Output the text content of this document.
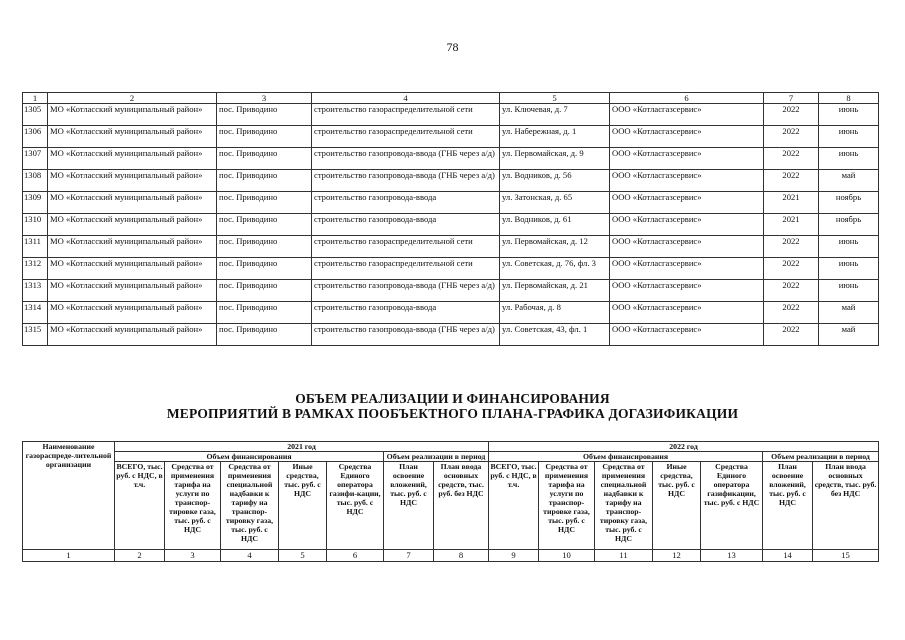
78
1	2	3	4	5	6	7	8
1305	МО «Котласский муниципальный район»	пос. Приводино	строительство газораспределительной сети	ул. Ключевая, д. 7	ООО «Котласгазсервис»	2022	июнь
1306	МО «Котласский муниципальный район»	пос. Приводино	строительство газораспределительной сети	ул. Набережная, д. 1	ООО «Котласгазсервис»	2022	июнь
1307	МО «Котласский муниципальный район»	пос. Приводино	строительство газопровода-ввода (ГНБ через а/д)	ул. Первомайская, д. 9	ООО «Котласгазсервис»	2022	июнь
1308	МО «Котласский муниципальный район»	пос. Приводино	строительство газопровода-ввода (ГНБ через а/д)	ул. Водников, д. 56	ООО «Котласгазсервис»	2022	май
1309	МО «Котласский муниципальный район»	пос. Приводино	строительство газопровода-ввода	ул. Затонская, д. 65	ООО «Котласгазсервис»	2021	ноябрь
1310	МО «Котласский муниципальный район»	пос. Приводино	строительство газопровода-ввода	ул. Водников, д. 61	ООО «Котласгазсервис»	2021	ноябрь
1311	МО «Котласский муниципальный район»	пос. Приводино	строительство газораспределительной сети	ул. Первомайская, д. 12	ООО «Котласгазсервис»	2022	июнь
1312	МО «Котласский муниципальный район»	пос. Приводино	строительство газораспределительной сети	ул. Советская, д. 76, фл. 3	ООО «Котласгазсервис»	2022	июнь
1313	МО «Котласский муниципальный район»	пос. Приводино	строительство газопровода-ввода (ГНБ через а/д)	ул. Первомайская, д. 21	ООО «Котласгазсервис»	2022	июнь
1314	МО «Котласский муниципальный район»	пос. Приводино	строительство газопровода-ввода	ул. Рабочая, д. 8	ООО «Котласгазсервис»	2022	май
1315	МО «Котласский муниципальный район»	пос. Приводино	строительство газопровода-ввода (ГНБ через а/д)	ул. Советская, 43, фл. 1	ООО «Котласгазсервис»	2022	май
ОБЪЕМ РЕАЛИЗАЦИИ И ФИНАНСИРОВАНИЯ
МЕРОПРИЯТИЙ В РАМКАХ ПООБЪЕКТНОГО ПЛАНА-ГРАФИКА ДОГАЗИФИКАЦИИ
Наименование газораспреде-лительной организации	2021 год							2022 год						
	Объем финансирования					Объем реализации в период		Объем финансирования					Объем реализации в период	
	ВСЕГО, тыс. руб. с НДС, в т.ч.	Средства от применения тарифа на услуги по транспор-тировке газа, тыс. руб. с НДС	Средства от применения специальной надбавки к тарифу на транспор-тировку газа, тыс. руб. с НДС	Иные средства, тыс. руб. с НДС	Средства Единого оператора газифи-кации, тыс. руб. с НДС	План освоение вложений, тыс. руб. с НДС	План ввода основных средств, тыс. руб. без НДС	ВСЕГО, тыс. руб. с НДС, в т.ч.	Средства от применения тарифа на услуги по транспор-тировке газа, тыс. руб. с НДС	Средства от применения специальной надбавки к тарифу на транспор-тировку газа, тыс. руб. с НДС	Иные средства, тыс. руб. с НДС	Средства Единого оператора газификации, тыс. руб. с НДС	План освоение вложений, тыс. руб. с НДС	План ввода основных средств, тыс. руб. без НДС
1	2	3	4	5	6	7	8	9	10	11	12	13	14	15
